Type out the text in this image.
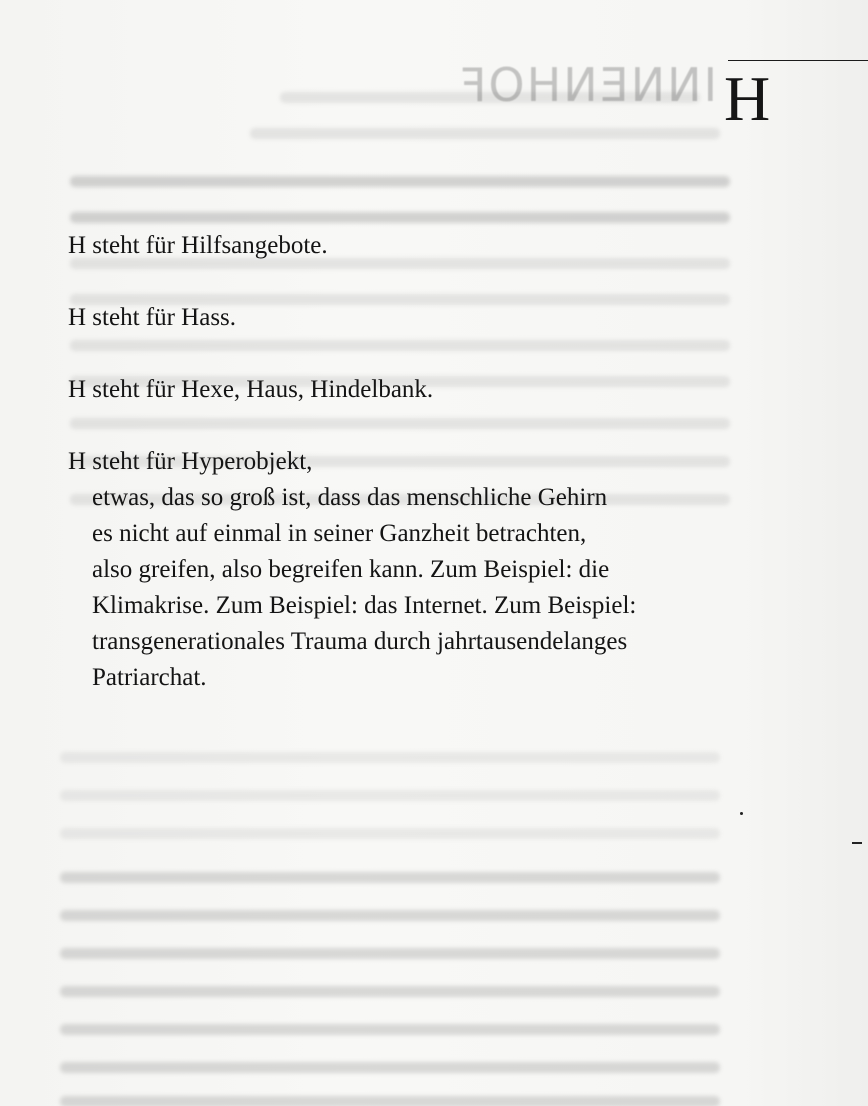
INNENHOF H

H steht für Hilfsangebote.

H steht für Hass.

H steht für Hexe, Haus, Hindelbank.

H steht für Hyperobjekt,

etwas, das so groß ist, dass das menschliche Gehirn
es nicht auf einmal in seiner Ganzheit betrachten,
also greifen, also begreifen kann. Zum Beispiel: die
Klimakrise. Zum Beispiel: das Internet. Zum Beispiel:
transgenerationales Trauma durch jahrtausendelanges
Patriarchat.
